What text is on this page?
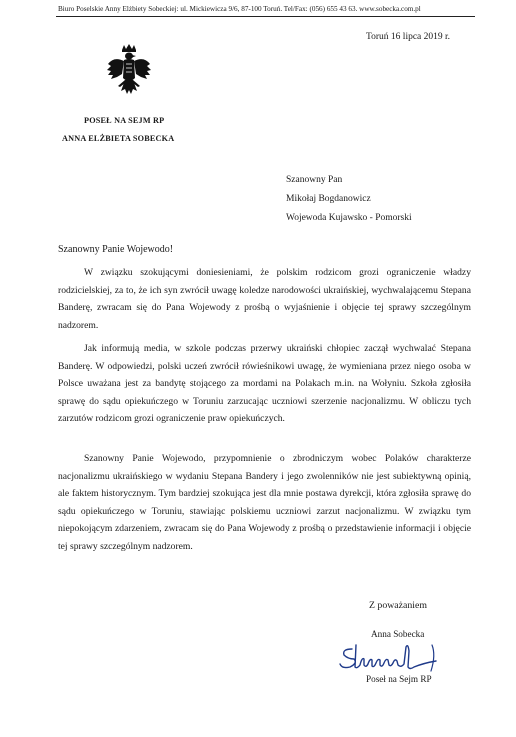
Biuro Poselskie Anny Elżbiety Sobeckiej: ul. Mickiewicza 9/6, 87-100 Toruń. Tel/Fax: (056) 655 43 63. www.sobecka.com.pl
Toruń 16 lipca 2019 r.
POSEŁ NA SEJM RP
ANNA ELŻBIETA SOBECKA
Szanowny Pan
Mikołaj Bogdanowicz
Wojewoda Kujawsko - Pomorski
Szanowny Panie Wojewodo!

W związku szokującymi doniesieniami, że polskim rodzicom grozi ograniczenie władzy rodzicielskiej, za to, że ich syn zwrócił uwagę koledze narodowości ukraińskiej, wychwalającemu Stepana Banderę, zwracam się do Pana Wojewody z prośbą o wyjaśnienie i objęcie tej sprawy szczególnym nadzorem.

Jak informują media, w szkole podczas przerwy ukraiński chłopiec zaczął wychwalać Stepana Banderę. W odpowiedzi, polski uczeń zwrócił rówieśnikowi uwagę, że wymieniana przez niego osoba w Polsce uważana jest za bandytę stojącego za mordami na Polakach m.in. na Wołyniu. Szkoła zgłosiła sprawę do sądu opiekuńczego w Toruniu zarzucając uczniowi szerzenie nacjonalizmu. W obliczu tych zarzutów rodzicom grozi ograniczenie praw opiekuńczych.

Szanowny Panie Wojewodo, przypomnienie o zbrodniczym wobec Polaków charakterze nacjonalizmu ukraińskiego w wydaniu Stepana Bandery i jego zwolenników nie jest subiektywną opinią, ale faktem historycznym. Tym bardziej szokująca jest dla mnie postawa dyrekcji, która zgłosiła sprawę do sądu opiekuńczego w Toruniu, stawiając polskiemu uczniowi zarzut nacjonalizmu. W związku tym niepokojącym zdarzeniem, zwracam się do Pana Wojewody z prośbą o przedstawienie informacji i objęcie tej sprawy szczególnym nadzorem.

Z poważaniem
Anna Sobecka
Poseł na Sejm RP
